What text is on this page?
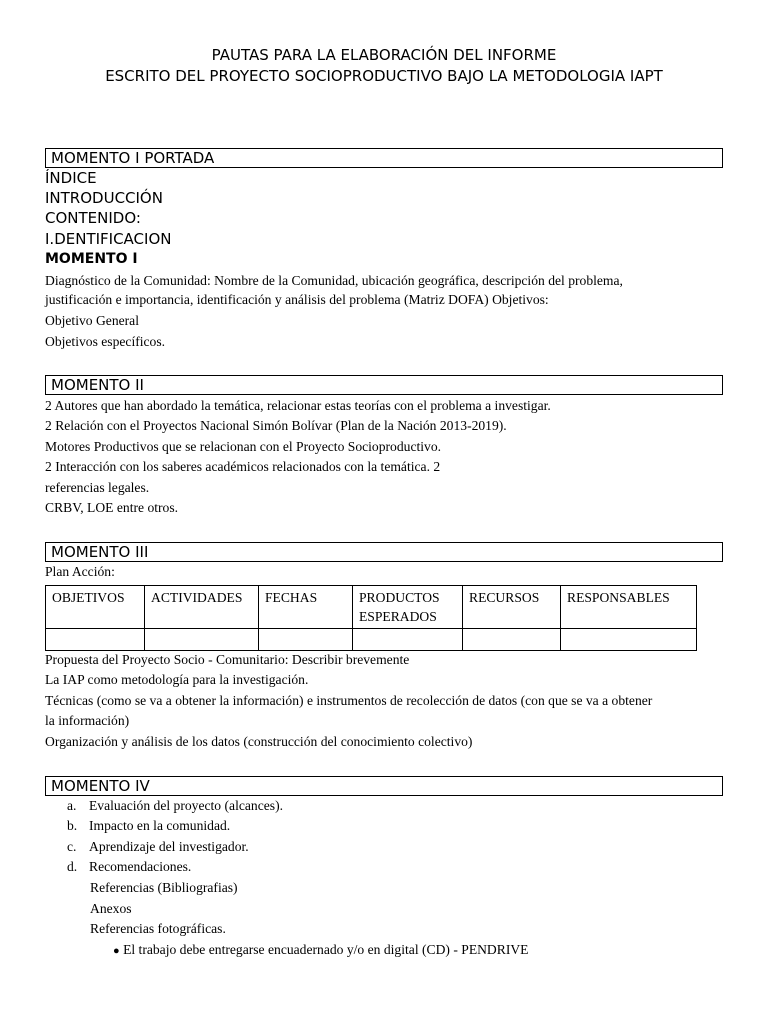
PAUTAS PARA LA ELABORACIÓN DEL INFORME
ESCRITO DEL PROYECTO SOCIOPRODUCTIVO BAJO LA METODOLOGIA IAPT
MOMENTO I PORTADA
ÍNDICE
INTRODUCCIÓN
CONTENIDO:
I.DENTIFICACION
MOMENTO I
Diagnóstico de la Comunidad: Nombre de la Comunidad, ubicación geográfica, descripción del problema,
justificación e importancia, identificación y análisis del problema (Matriz DOFA) Objetivos:
Objetivo General
Objetivos específicos.
MOMENTO II
2 Autores que han abordado la temática, relacionar estas teorías con el problema a investigar.
2 Relación con el Proyectos Nacional Simón Bolívar (Plan de la Nación 2013-2019).
Motores Productivos que se relacionan con el Proyecto Socioproductivo.
2 Interacción con los saberes académicos relacionados con la temática. 2
referencias legales.
CRBV, LOE entre otros.
MOMENTO III
Plan Acción:
OBJETIVOS	ACTIVIDADES	FECHAS	PRODUCTOS ESPERADOS	RECURSOS	RESPONSABLES

Propuesta del Proyecto Socio - Comunitario: Describir brevemente
La IAP como metodología para la investigación.
Técnicas (como se va a obtener la información) e instrumentos de recolección de datos (con que se va a obtener
la información)
Organización y análisis de los datos (construcción del conocimiento colectivo)
MOMENTO IV
a. Evaluación del proyecto (alcances).
b. Impacto en la comunidad.
c. Aprendizaje del investigador.
d. Recomendaciones.
Referencias (Bibliografias)
Anexos
Referencias fotográficas.
● El trabajo debe entregarse encuadernado y/o en digital (CD) - PENDRIVE
